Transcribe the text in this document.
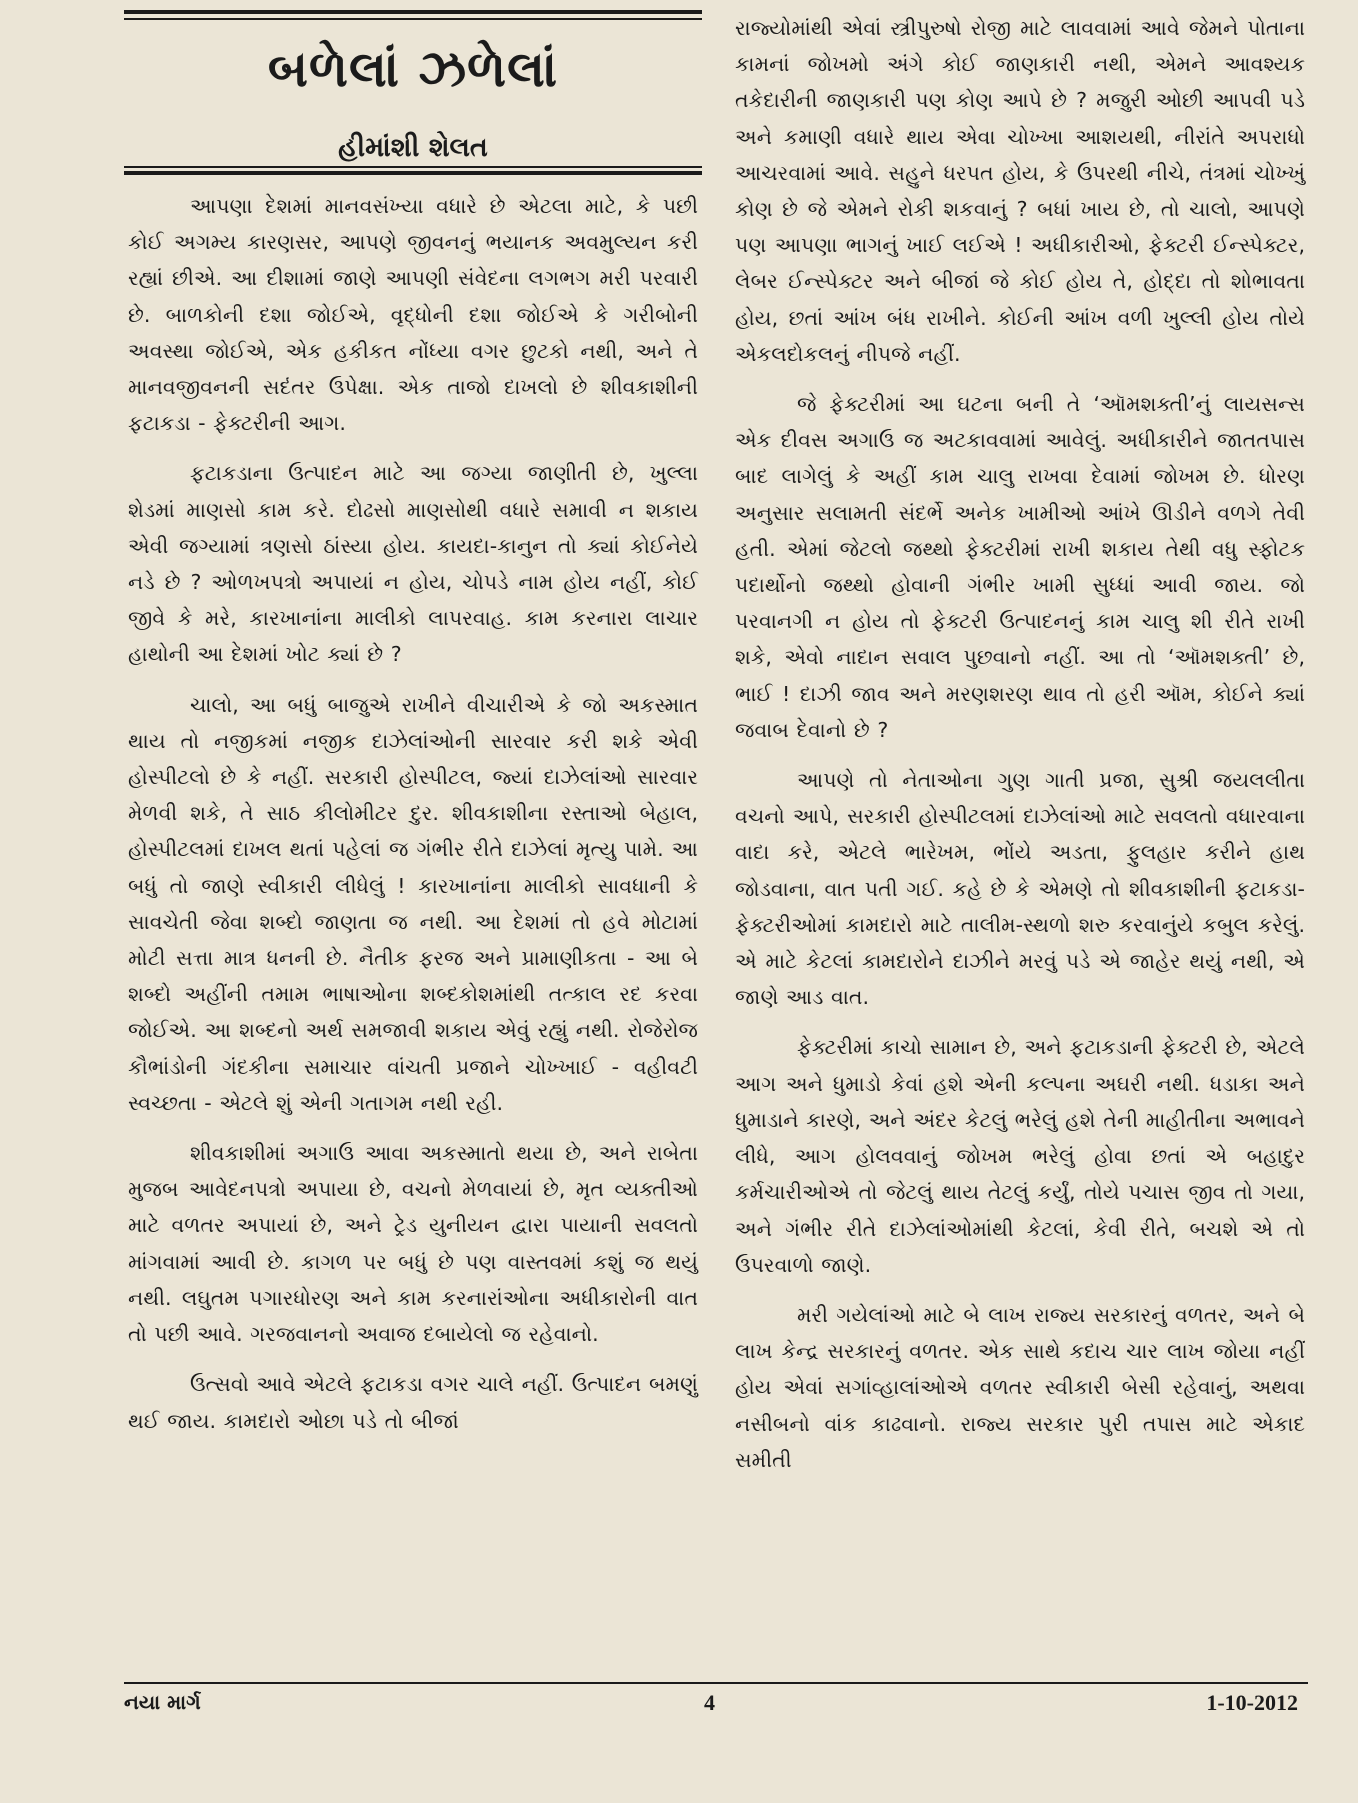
બળેલાં ઝળેલાં
હીમાંશી શેલત

આપણા દેશમાં માનવસંખ્યા વધારે છે એટલા માટે, કે પછી કોઈ અગમ્ય કારણસર, આપણે જીવનનું ભયાનક અવમુલ્યન કરી રહ્યાં છીએ. આ દીશામાં જાણે આપણી સંવેદના લગભગ મરી પરવારી છે. બાળકોની દશા જોઈએ, વૃદ્ધોની દશા જોઈએ કે ગરીબોની અવસ્થા જોઈએ, એક હકીકત નોંધ્યા વગર છુટકો નથી, અને તે માનવજીવનની સદંતર ઉપેક્ષા. એક તાજો દાખલો છે શીવકાશીની ફટાકડા - ફેક્ટરીની આગ.

ફટાકડાના ઉત્પાદન માટે આ જગ્યા જાણીતી છે, ખુલ્લા શેડમાં માણસો કામ કરે. દોઢસો માણસોથી વધારે સમાવી ન શકાય એવી જગ્યામાં ત્રણસો ઠાંસ્યા હોય. કાયદા-કાનુન તો ક્યાં કોઈનેયે નડે છે ? ઓળખપત્રો અપાયાં ન હોય, ચોપડે નામ હોય નહીં, કોઈ જીવે કે મરે, કારખાનાંના માલીકો લાપરવાહ. કામ કરનારા લાચાર હાથોની આ દેશમાં ખોટ ક્યાં છે ?

ચાલો, આ બધું બાજુએ રાખીને વીચારીએ કે જો અકસ્માત થાય તો નજીકમાં નજીક દાઝેલાંઓની સારવાર કરી શકે એવી હોસ્પીટલો છે કે નહીં. સરકારી હોસ્પીટલ, જ્યાં દાઝેલાંઓ સારવાર મેળવી શકે, તે સાઠ કીલોમીટર દુર. શીવકાશીના રસ્તાઓ બેહાલ, હોસ્પીટલમાં દાખલ થતાં પહેલાં જ ગંભીર રીતે દાઝેલાં મૃત્યુ પામે. આ બધું તો જાણે સ્વીકારી લીધેલું ! કારખાનાંના માલીકો સાવધાની કે સાવચેતી જેવા શબ્દો જાણતા જ નથી. આ દેશમાં તો હવે મોટામાં મોટી સત્તા માત્ર ધનની છે. નૈતીક ફરજ અને પ્રામાણીકતા - આ બે શબ્દો અહીંની તમામ ભાષાઓના શબ્દકોશમાંથી તત્કાલ રદ કરવા જોઈએ. આ શબ્દનો અર્થ સમજાવી શકાય એવું રહ્યું નથી. રોજેરોજ કૌભાંડોની ગંદકીના સમાચાર વાંચતી પ્રજાને ચોખ્ખાઈ - વહીવટી સ્વચ્છતા - એટલે શું એની ગતાગમ નથી રહી.

શીવકાશીમાં અગાઉ આવા અકસ્માતો થયા છે, અને રાબેતા મુજબ આવેદનપત્રો અપાયા છે, વચનો મેળવાયાં છે, મૃત વ્યક્તીઓ માટે વળતર અપાયાં છે, અને ટ્રેડ યુનીયન દ્વારા પાયાની સવલતો માંગવામાં આવી છે. કાગળ પર બધું છે પણ વાસ્તવમાં કશું જ થયું નથી. લઘુતમ પગારધોરણ અને કામ કરનારાંઓના અધીકારોની વાત તો પછી આવે. ગરજવાનનો અવાજ દબાયેલો જ રહેવાનો.

ઉત્સવો આવે એટલે ફટાકડા વગર ચાલે નહીં. ઉત્પાદન બમણું થઈ જાય. કામદારો ઓછા પડે તો બીજાં

રાજ્યોમાંથી એવાં સ્ત્રીપુરુષો રોજી માટે લાવવામાં આવે જેમને પોતાના કામનાં જોખમો અંગે કોઈ જાણકારી નથી, એમને આવશ્યક તકેદારીની જાણકારી પણ કોણ આપે છે ? મજુરી ઓછી આપવી પડે અને કમાણી વધારે થાય એવા ચોખ્ખા આશયથી, નીરાંતે અપરાધો આચરવામાં આવે. સહુને ધરપત હોય, કે ઉપરથી નીચે, તંત્રમાં ચોખ્ખું કોણ છે જે એમને રોકી શકવાનું ? બધાં ખાય છે, તો ચાલો, આપણે પણ આપણા ભાગનું ખાઈ લઈએ ! અધીકારીઓ, ફેક્ટરી ઈન્સ્પેક્ટર, લેબર ઈન્સ્પેક્ટર અને બીજાં જે કોઈ હોય તે, હોદ્દા તો શોભાવતા હોય, છતાં આંખ બંધ રાખીને. કોઈની આંખ વળી ખુલ્લી હોય તોયે એકલદોકલનું નીપજે નહીં.

જે ફેક્ટરીમાં આ ઘટના બની તે ‘ઑમશક્તી’નું લાયસન્સ એક દીવસ અગાઉ જ અટકાવવામાં આવેલું. અધીકારીને જાતતપાસ બાદ લાગેલું કે અહીં કામ ચાલુ રાખવા દેવામાં જોખમ છે. ધોરણ અનુસાર સલામતી સંદર્ભે અનેક ખામીઓ આંખે ઊડીને વળગે તેવી હતી. એમાં જેટલો જથ્થો ફેક્ટરીમાં રાખી શકાય તેથી વધુ સ્ફોટક પદાર્થોનો જથ્થો હોવાની ગંભીર ખામી સુધ્ધાં આવી જાય. જો પરવાનગી ન હોય તો ફેક્ટરી ઉત્પાદનનું કામ ચાલુ શી રીતે રાખી શકે, એવો નાદાન સવાલ પુછવાનો નહીં. આ તો ‘ઑમશક્તી’ છે, ભાઈ ! દાઝી જાવ અને મરણશરણ થાવ તો હરી ઑમ, કોઈને ક્યાં જવાબ દેવાનો છે ?

આપણે તો નેતાઓના ગુણ ગાતી પ્રજા, સુશ્રી જયલલીતા વચનો આપે, સરકારી હોસ્પીટલમાં દાઝેલાંઓ માટે સવલતો વધારવાના વાદા કરે, એટલે ભારેખમ, ભોંયે અડતા, ફુલહાર કરીને હાથ જોડવાના, વાત પતી ગઈ. કહે છે કે એમણે તો શીવકાશીની ફટાકડા- ફેક્ટરીઓમાં કામદારો માટે તાલીમ-સ્થળો શરુ કરવાનુંયે કબુલ કરેલું. એ માટે કેટલાં કામદારોને દાઝીને મરવું પડે એ જાહેર થયું નથી, એ જાણે આડ વાત.

ફેક્ટરીમાં કાચો સામાન છે, અને ફટાકડાની ફેક્ટરી છે, એટલે આગ અને ધુમાડો કેવાં હશે એની કલ્પના અઘરી નથી. ધડાકા અને ધુમાડાને કારણે, અને અંદર કેટલું ભરેલું હશે તેની માહીતીના અભાવને લીધે, આગ હોલવવાનું જોખમ ભરેલું હોવા છતાં એ બહાદુર કર્મચારીઓએ તો જેટલું થાય તેટલું કર્યું, તોયે પચાસ જીવ તો ગયા, અને ગંભીર રીતે દાઝેલાંઓમાંથી કેટલાં, કેવી રીતે, બચશે એ તો ઉપરવાળો જાણે.

મરી ગયેલાંઓ માટે બે લાખ રાજ્ય સરકારનું વળતર, અને બે લાખ કેન્દ્ર સરકારનું વળતર. એક સાથે કદાચ ચાર લાખ જોયા નહીં હોય એવાં સગાંવ્હાલાંઓએ વળતર સ્વીકારી બેસી રહેવાનું, અથવા નસીબનો વાંક કાઢવાનો. રાજ્ય સરકાર પુરી તપાસ માટે એકાદ સમીતી

નયા માર્ગ	4	1-10-2012
